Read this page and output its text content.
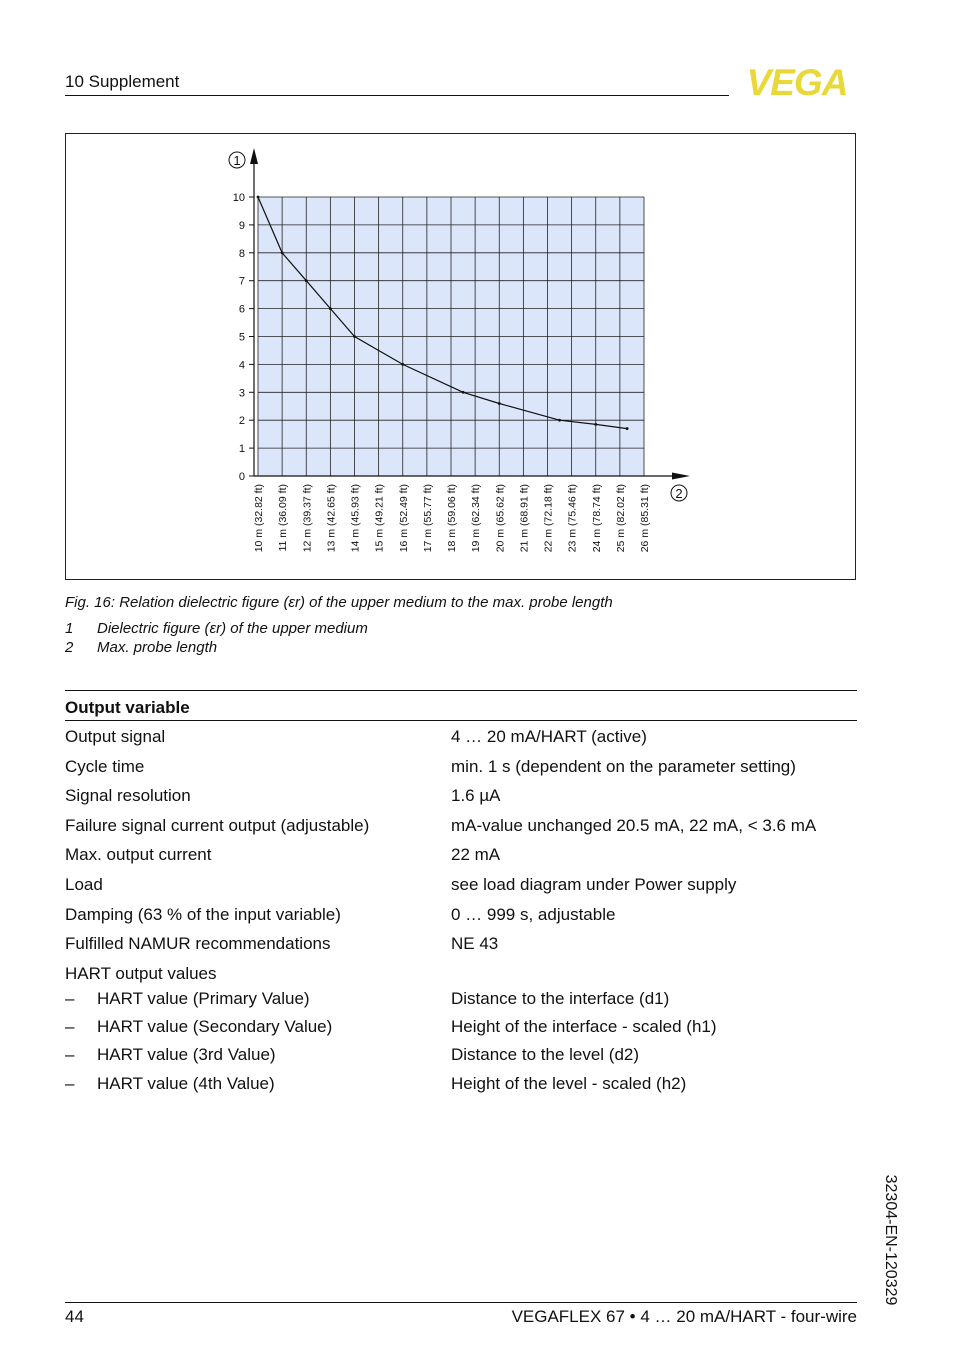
10 Supplement	VEGA
0
1
2
3
4
5
6
7
8
9
10
10 m (32.82 ft) 11 m (36.09 ft) 12 m (39.37 ft) 13 m (42.65 ft) 14 m (45.93 ft) 15 m (49.21 ft) 16 m (52.49 ft) 17 m (55.77 ft) 18 m (59.06 ft) 19 m (62.34 ft) 20 m (65.62 ft) 21 m (68.91 ft) 22 m (72.18 ft) 23 m (75.46 ft) 24 m (78.74 ft) 25 m (82.02 ft) 26 m (85.31 ft)
1
2
Fig. 16: Relation dielectric figure (εr) of the upper medium to the max. probe length
1 Dielectric figure (εr) of the upper medium
2 Max. probe length
Output variable
Output signal	4 … 20 mA/HART (active)
Cycle time	min. 1 s (dependent on the parameter setting)
Signal resolution	1.6 µA
Failure signal current output (adjustable)	mA-value unchanged 20.5 mA, 22 mA, < 3.6 mA
Max. output current	22 mA
Load	see load diagram under Power supply
Damping (63 % of the input variable)	0 … 999 s, adjustable
Fulfilled NAMUR recommendations	NE 43
HART output values
– HART value (Primary Value)	Distance to the interface (d1)
– HART value (Secondary Value)	Height of the interface - scaled (h1)
– HART value (3rd Value)	Distance to the level (d2)
– HART value (4th Value)	Height of the level - scaled (h2)
32304-EN-120329
44	VEGAFLEX 67 • 4 … 20 mA/HART - four-wire
